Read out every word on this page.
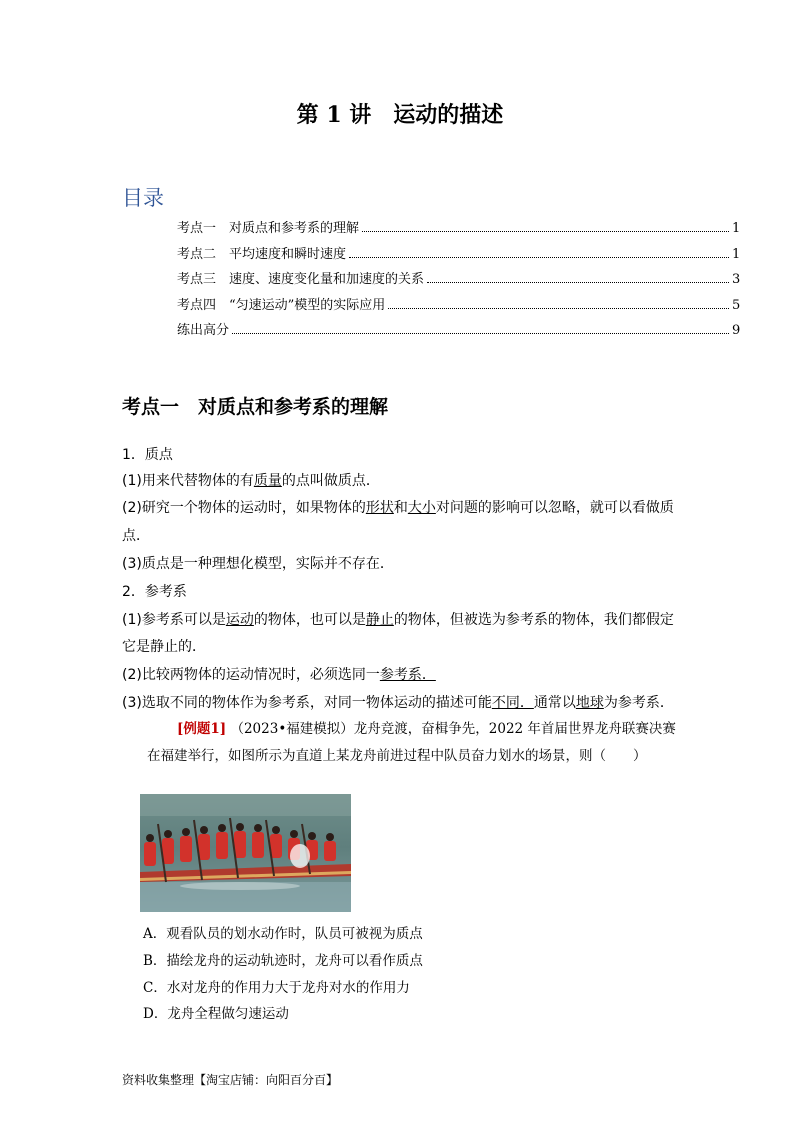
第 1 讲　运动的描述
目录
考点一　对质点和参考系的理解	1
考点二　平均速度和瞬时速度	1
考点三　速度、速度变化量和加速度的关系	3
考点四　“匀速运动”模型的实际应用	5
练出高分	9
考点一　对质点和参考系的理解
1．质点
(1)用来代替物体的有质量的点叫做质点．
(2)研究一个物体的运动时，如果物体的形状和大小对问题的影响可以忽略，就可以看做质
点．
(3)质点是一种理想化模型，实际并不存在．
2．参考系
(1)参考系可以是运动的物体，也可以是静止的物体，但被选为参考系的物体，我们都假定
它是静止的．
(2)比较两物体的运动情况时，必须选同一参考系．
(3)选取不同的物体作为参考系，对同一物体运动的描述可能不同．通常以地球为参考系．
[例题1] （2023•福建模拟）龙舟竞渡，奋楫争先，2022 年首届世界龙舟联赛决赛在福建举行，如图所示为直道上某龙舟前进过程中队员奋力划水的场景，则（　　）
A．观看队员的划水动作时，队员可被视为质点
B．描绘龙舟的运动轨迹时，龙舟可以看作质点
C．水对龙舟的作用力大于龙舟对水的作用力
D．龙舟全程做匀速运动
资料收集整理【淘宝店铺：向阳百分百】
